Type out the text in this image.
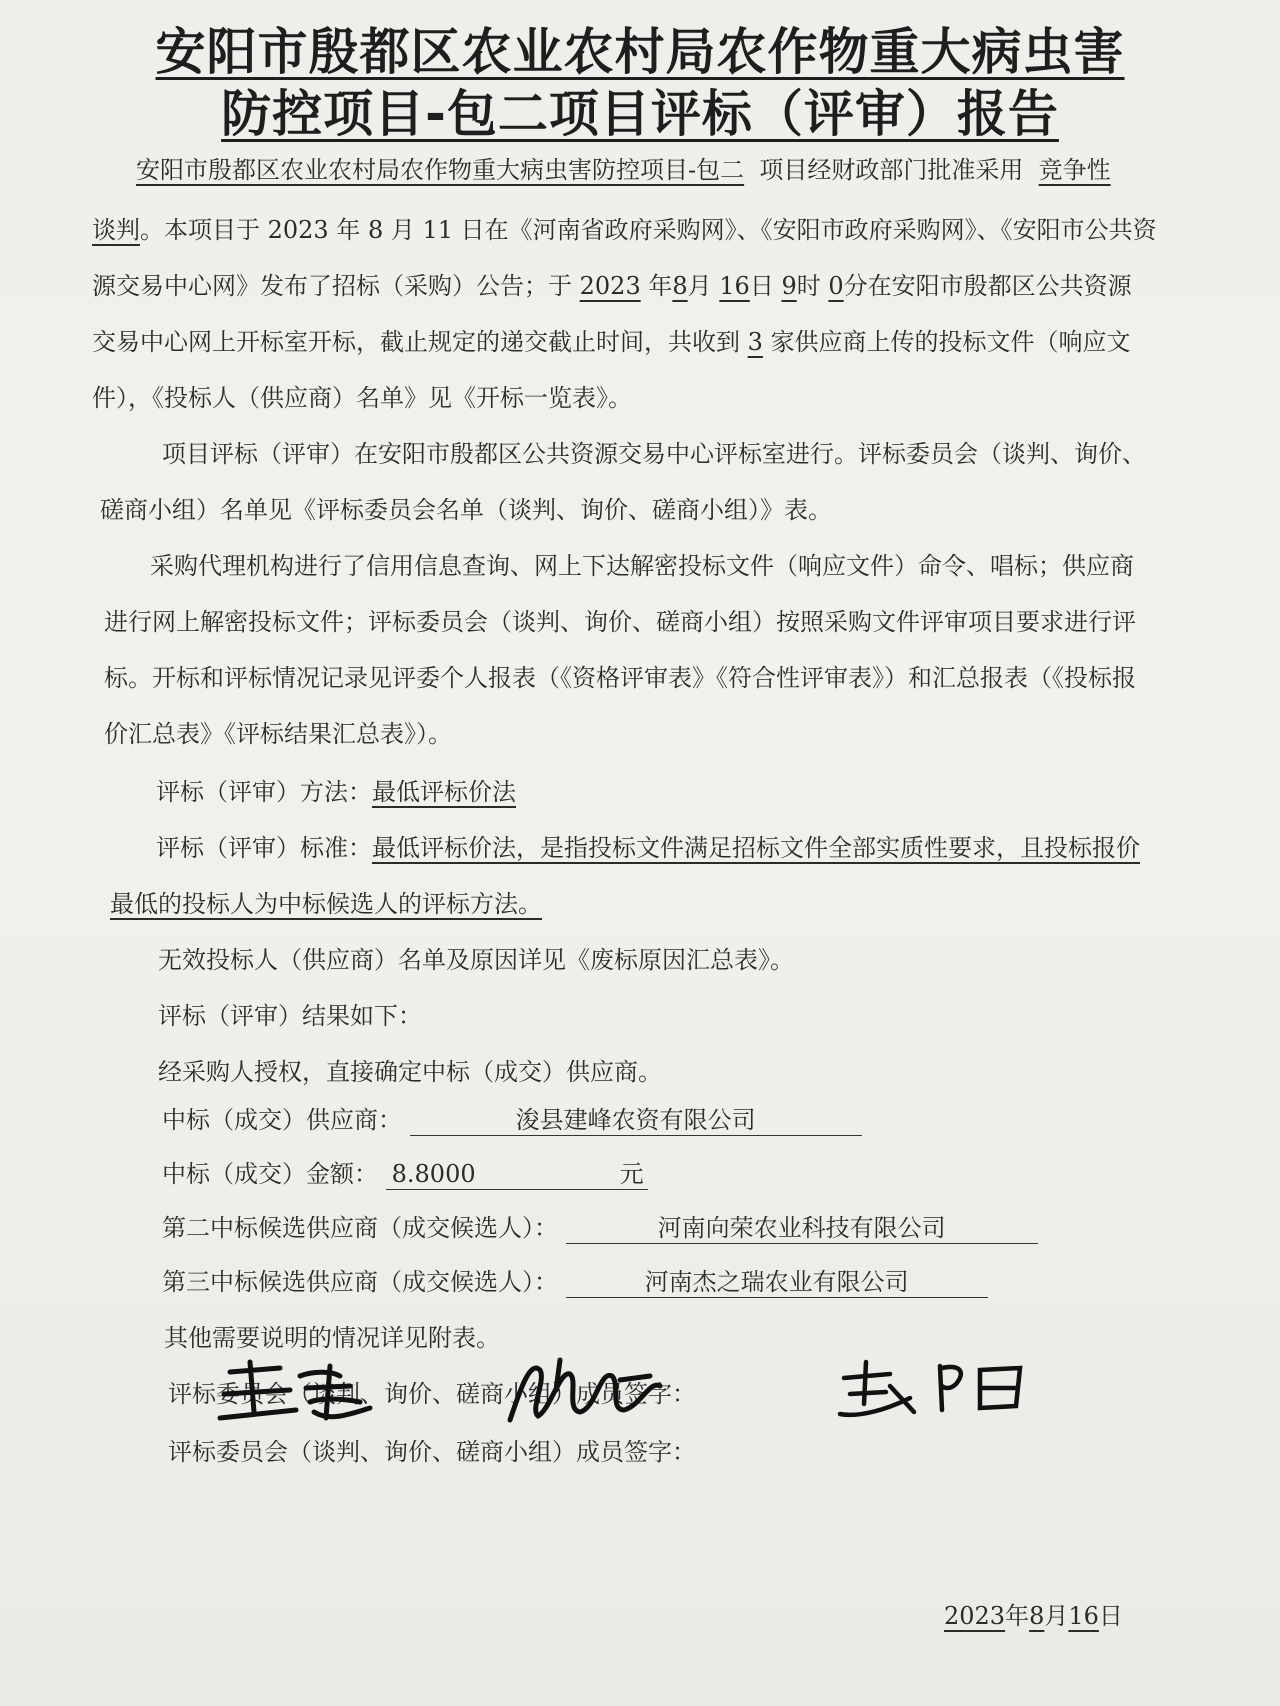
安阳市殷都区农业农村局农作物重大病虫害
防控项目-包二项目评标（评审）报告
安阳市殷都区农业农村局农作物重大病虫害防控项目-包二 项目经财政部门批准采用 竞争性
谈判。本项目于 2023 年 8 月 11 日在《河南省政府采购网》、《安阳市政府采购网》、《安阳市公共资
源交易中心网》发布了招标（采购）公告；于 2023 年8月 16日 9时 0分在安阳市殷都区公共资源
交易中心网上开标室开标，截止规定的递交截止时间，共收到 3 家供应商上传的投标文件（响应文
件），《投标人（供应商）名单》见《开标一览表》。
项目评标（评审）在安阳市殷都区公共资源交易中心评标室进行。评标委员会（谈判、询价、
磋商小组）名单见《评标委员会名单（谈判、询价、磋商小组）》表。
采购代理机构进行了信用信息查询、网上下达解密投标文件（响应文件）命令、唱标；供应商
进行网上解密投标文件；评标委员会（谈判、询价、磋商小组）按照采购文件评审项目要求进行评
标。开标和评标情况记录见评委个人报表（《资格评审表》《符合性评审表》）和汇总报表（《投标报
价汇总表》《评标结果汇总表》）。
评标（评审）方法：最低评标价法
评标（评审）标准：最低评标价法，是指投标文件满足招标文件全部实质性要求，且投标报价
最低的投标人为中标候选人的评标方法。
无效投标人（供应商）名单及原因详见《废标原因汇总表》。
评标（评审）结果如下：
经采购人授权，直接确定中标（成交）供应商。
中标（成交）供应商：	浚县建峰农资有限公司
中标（成交）金额： 8.8000	元
第二中标候选供应商（成交候选人）：	河南向荣农业科技有限公司
第三中标候选供应商（成交候选人）：	河南杰之瑞农业有限公司
其他需要说明的情况详见附表。
评标委员会（谈判、询价、磋商小组）成员签字：
评标委员会（谈判、询价、磋商小组）成员签字：
2023年8月16日
